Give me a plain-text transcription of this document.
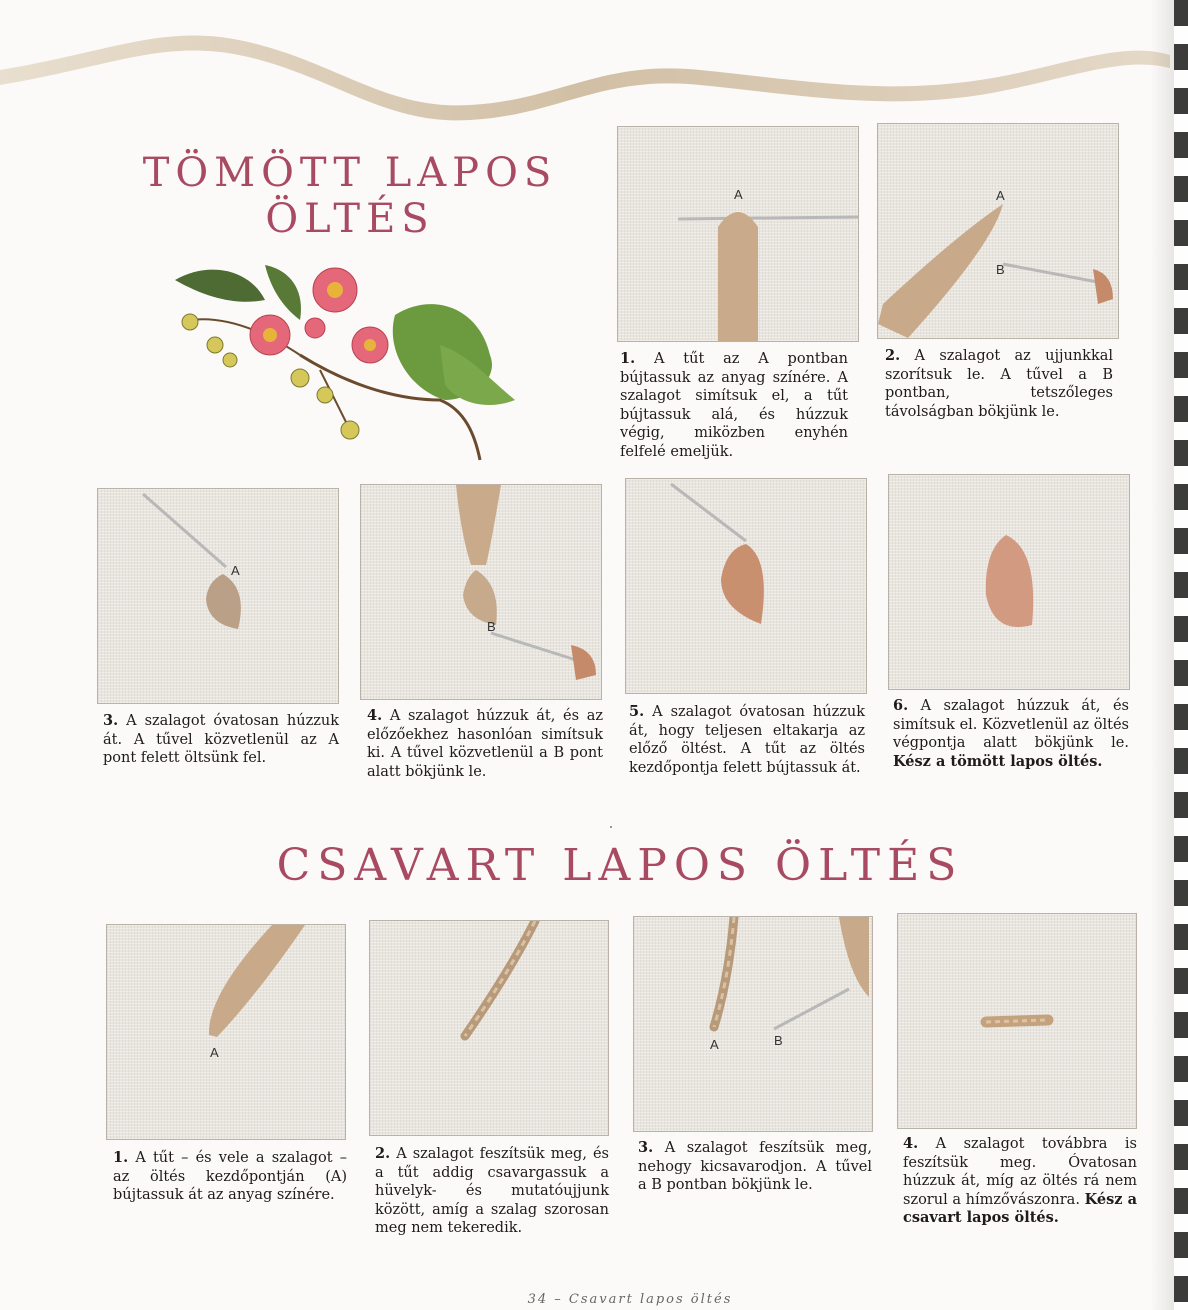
TÖMÖTT LAPOS
ÖLTÉS
A	A
B
1. A tűt az A pontban bújtassuk az anyag színére. A szalagot simítsuk el, a tűt bújtassuk alá, és húzzuk végig, miközben enyhén felfelé emeljük.
2. A szalagot az ujjunkkal szorítsuk le. A tűvel a B pontban, tetszőleges távolságban bökjünk le.
A
B
3. A szalagot óvatosan húzzuk át. A tűvel közvetlenül az A pont felett öltsünk fel.
4. A szalagot húzzuk át, és az előzőekhez hasonlóan simítsuk ki. A tűvel közvetlenül a B pont alatt bökjünk le.
5. A szalagot óvatosan húzzuk át, hogy teljesen eltakarja az előző öltést. A tűt az öltés kezdőpontja felett bújtassuk át.
6. A szalagot húzzuk át, és simítsuk el. Közvetlenül az öltés végpontja alatt bökjünk le. Kész a tömött lapos öltés.
CSAVART LAPOS ÖLTÉS
A
A	B
1. A tűt – és vele a szalagot – az öltés kezdőpontján (A) bújtassuk át az anyag színére.
2. A szalagot feszítsük meg, és a tűt addig csavargassuk a hüvelyk- és mutatóujjunk között, amíg a szalag szorosan meg nem tekeredik.
3. A szalagot feszítsük meg, nehogy kicsavarodjon. A tűvel a B pontban bökjünk le.
4. A szalagot továbbra is feszítsük meg. Óvatosan húzzuk át, míg az öltés rá nem szorul a hímzővászonra. Kész a csavart lapos öltés.
34 – Csavart lapos öltés
